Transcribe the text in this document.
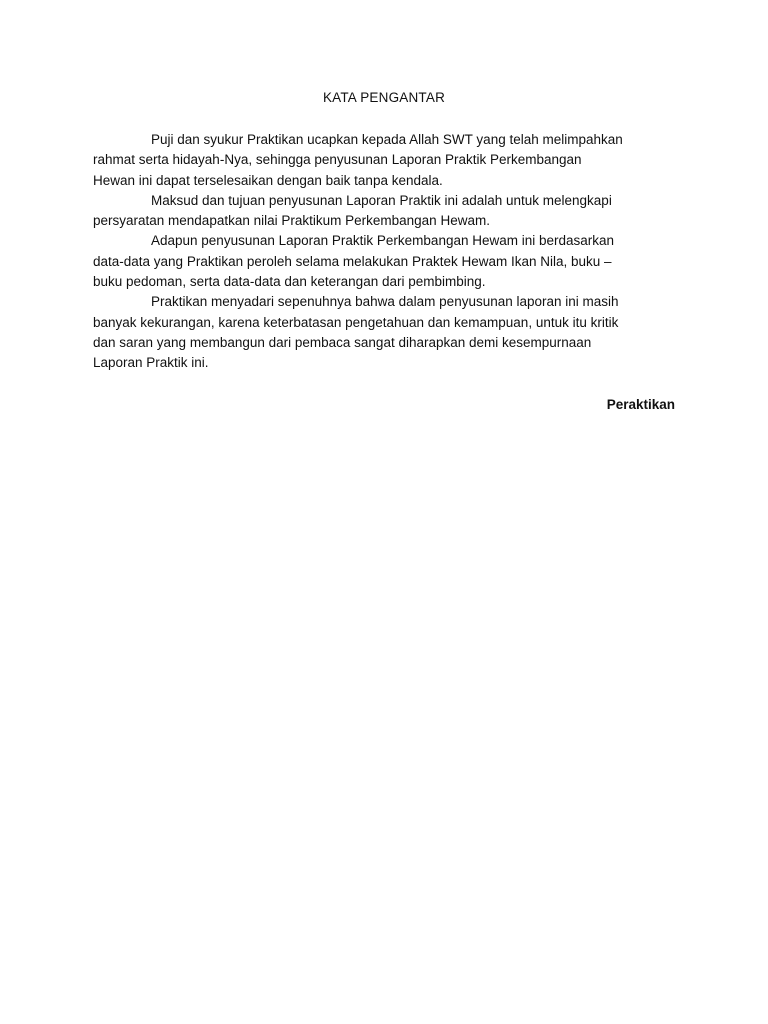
KATA PENGANTAR
Puji dan syukur Praktikan ucapkan kepada Allah SWT yang telah melimpahkan
rahmat serta hidayah-Nya, sehingga penyusunan Laporan Praktik Perkembangan
Hewan ini dapat terselesaikan dengan baik tanpa kendala.
Maksud dan tujuan penyusunan Laporan Praktik ini adalah untuk melengkapi
persyaratan mendapatkan nilai Praktikum Perkembangan Hewam.
Adapun penyusunan Laporan Praktik Perkembangan Hewam ini berdasarkan
data-data yang Praktikan peroleh selama melakukan Praktek Hewam Ikan Nila, buku –
buku pedoman, serta data-data dan keterangan dari pembimbing.
Praktikan menyadari sepenuhnya bahwa dalam penyusunan laporan ini masih
banyak kekurangan, karena keterbatasan pengetahuan dan kemampuan, untuk itu kritik
dan saran yang membangun dari pembaca sangat diharapkan demi kesempurnaan
Laporan Praktik ini.
Peraktikan
